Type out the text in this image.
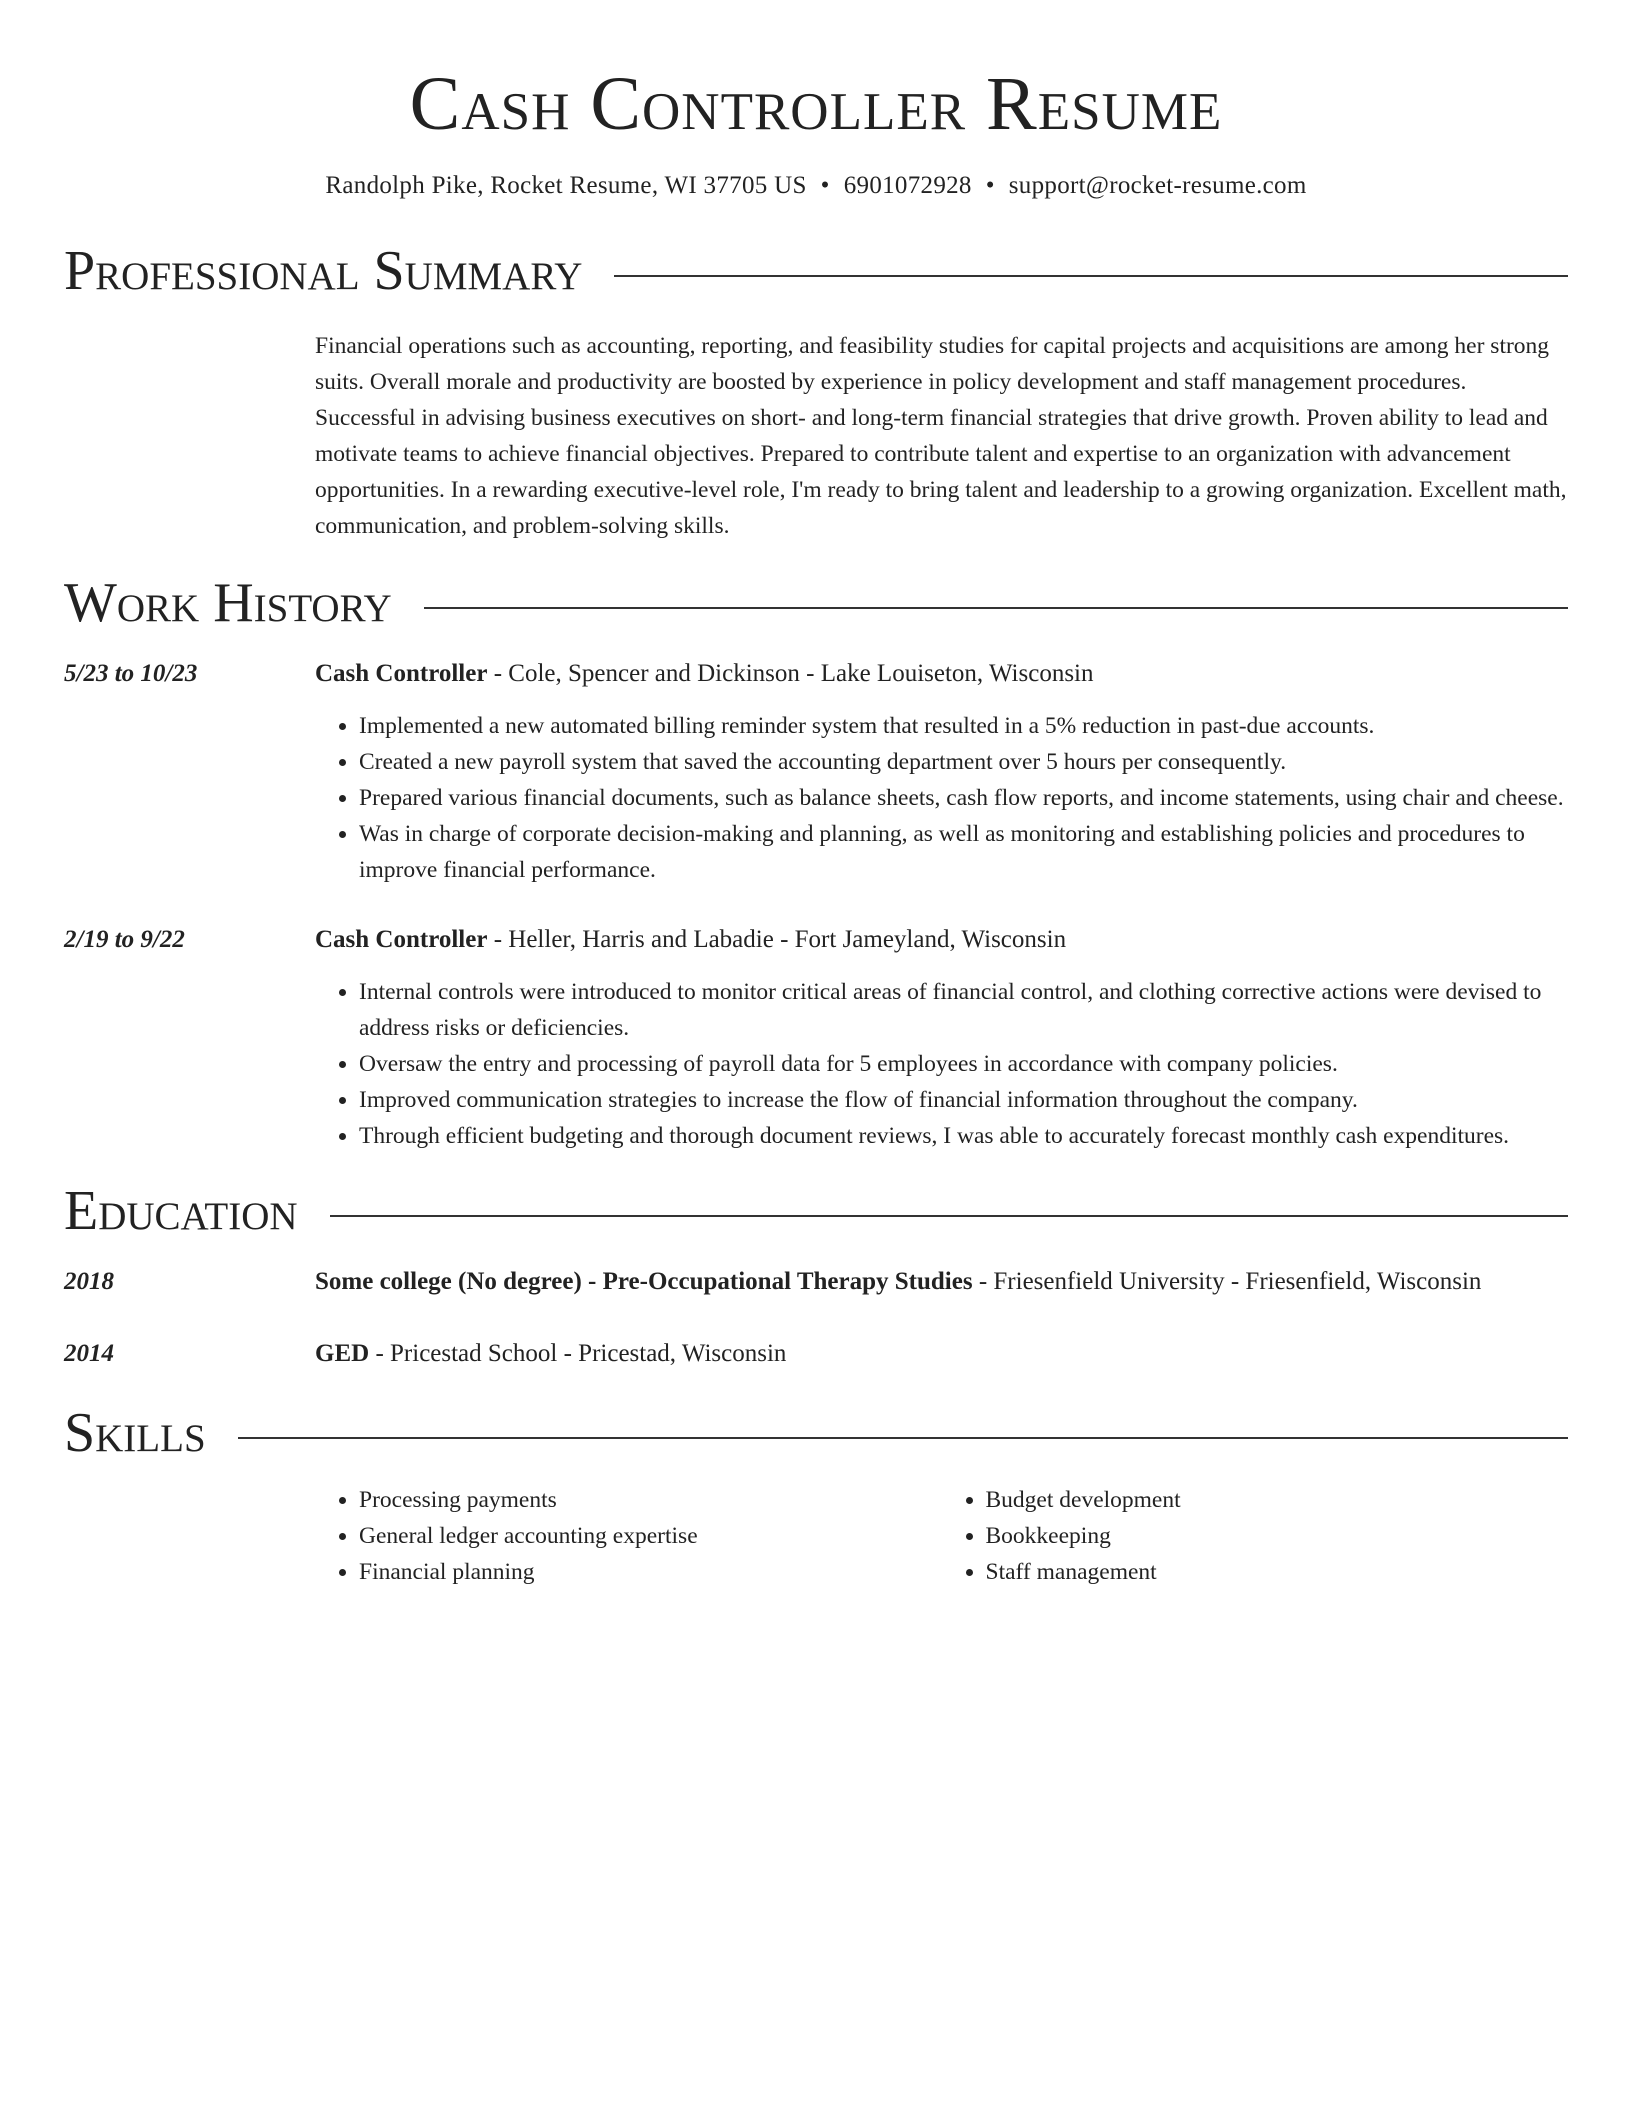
Cash Controller Resume
Randolph Pike, Rocket Resume, WI 37705 US • 6901072928 • support@rocket-resume.com
Professional Summary
Financial operations such as accounting, reporting, and feasibility studies for capital projects and acquisitions are among her strong suits. Overall morale and productivity are boosted by experience in policy development and staff management procedures. Successful in advising business executives on short- and long-term financial strategies that drive growth. Proven ability to lead and motivate teams to achieve financial objectives. Prepared to contribute talent and expertise to an organization with advancement opportunities. In a rewarding executive-level role, I'm ready to bring talent and leadership to a growing organization. Excellent math, communication, and problem-solving skills.
Work History
5/23 to 10/23	Cash Controller - Cole, Spencer and Dickinson - Lake Louiseton, Wisconsin
• Implemented a new automated billing reminder system that resulted in a 5% reduction in past-due accounts.
• Created a new payroll system that saved the accounting department over 5 hours per consequently.
• Prepared various financial documents, such as balance sheets, cash flow reports, and income statements, using chair and cheese.
• Was in charge of corporate decision-making and planning, as well as monitoring and establishing policies and procedures to improve financial performance.
2/19 to 9/22	Cash Controller - Heller, Harris and Labadie - Fort Jameyland, Wisconsin
• Internal controls were introduced to monitor critical areas of financial control, and clothing corrective actions were devised to address risks or deficiencies.
• Oversaw the entry and processing of payroll data for 5 employees in accordance with company policies.
• Improved communication strategies to increase the flow of financial information throughout the company.
• Through efficient budgeting and thorough document reviews, I was able to accurately forecast monthly cash expenditures.
Education
2018	Some college (No degree) - Pre-Occupational Therapy Studies - Friesenfield University - Friesenfield, Wisconsin
2014	GED - Pricestad School - Pricestad, Wisconsin
Skills
• Processing payments
• General ledger accounting expertise
• Financial planning
• Budget development
• Bookkeeping
• Staff management
